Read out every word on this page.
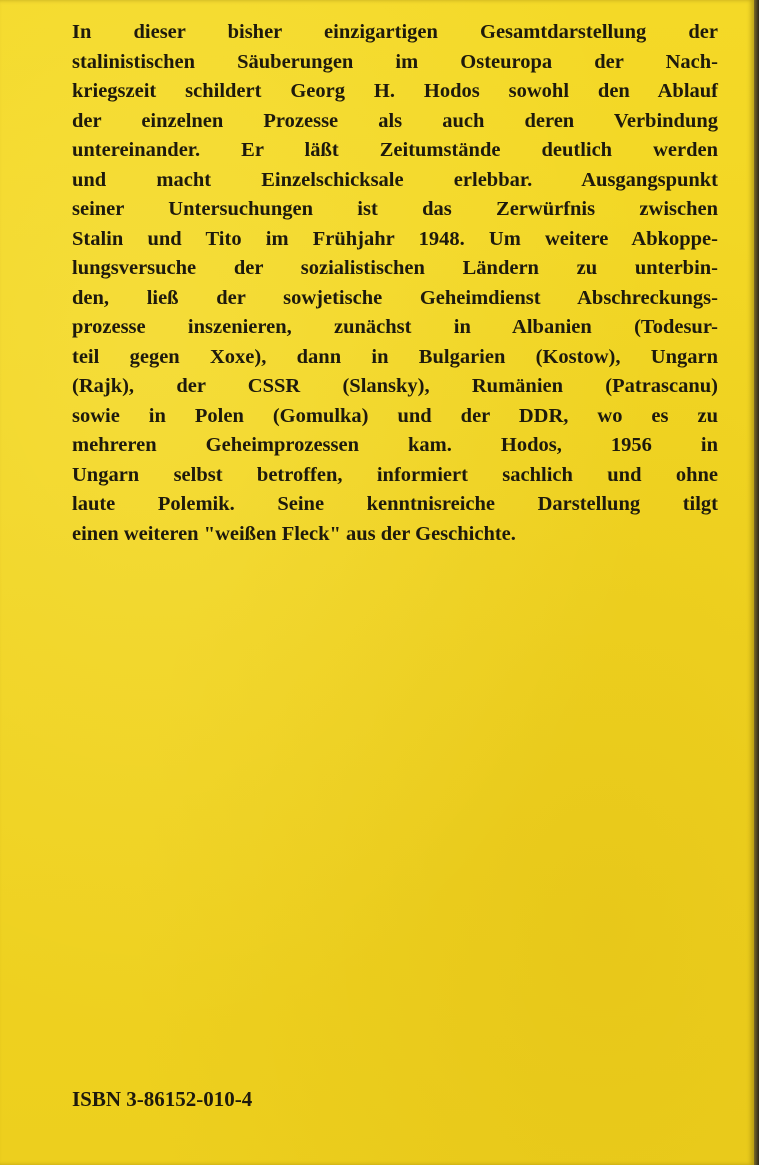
In dieser bisher einzigartigen Gesamtdarstellung der
stalinistischen Säuberungen im Osteuropa der Nach-
kriegszeit schildert Georg H. Hodos sowohl den Ablauf
der einzelnen Prozesse als auch deren Verbindung
untereinander. Er läßt Zeitumstände deutlich werden
und macht Einzelschicksale erlebbar. Ausgangspunkt
seiner Untersuchungen ist das Zerwürfnis zwischen
Stalin und Tito im Frühjahr 1948. Um weitere Abkoppe-
lungsversuche der sozialistischen Ländern zu unterbin-
den, ließ der sowjetische Geheimdienst Abschreckungs-
prozesse inszenieren, zunächst in Albanien (Todesur-
teil gegen Xoxe), dann in Bulgarien (Kostow), Ungarn
(Rajk), der CSSR (Slansky), Rumänien (Patrascanu)
sowie in Polen (Gomulka) und der DDR, wo es zu
mehreren Geheimprozessen kam. Hodos, 1956 in
Ungarn selbst betroffen, informiert sachlich und ohne
laute Polemik. Seine kenntnisreiche Darstellung tilgt
einen weiteren "weißen Fleck" aus der Geschichte.
ISBN 3-86152-010-4
